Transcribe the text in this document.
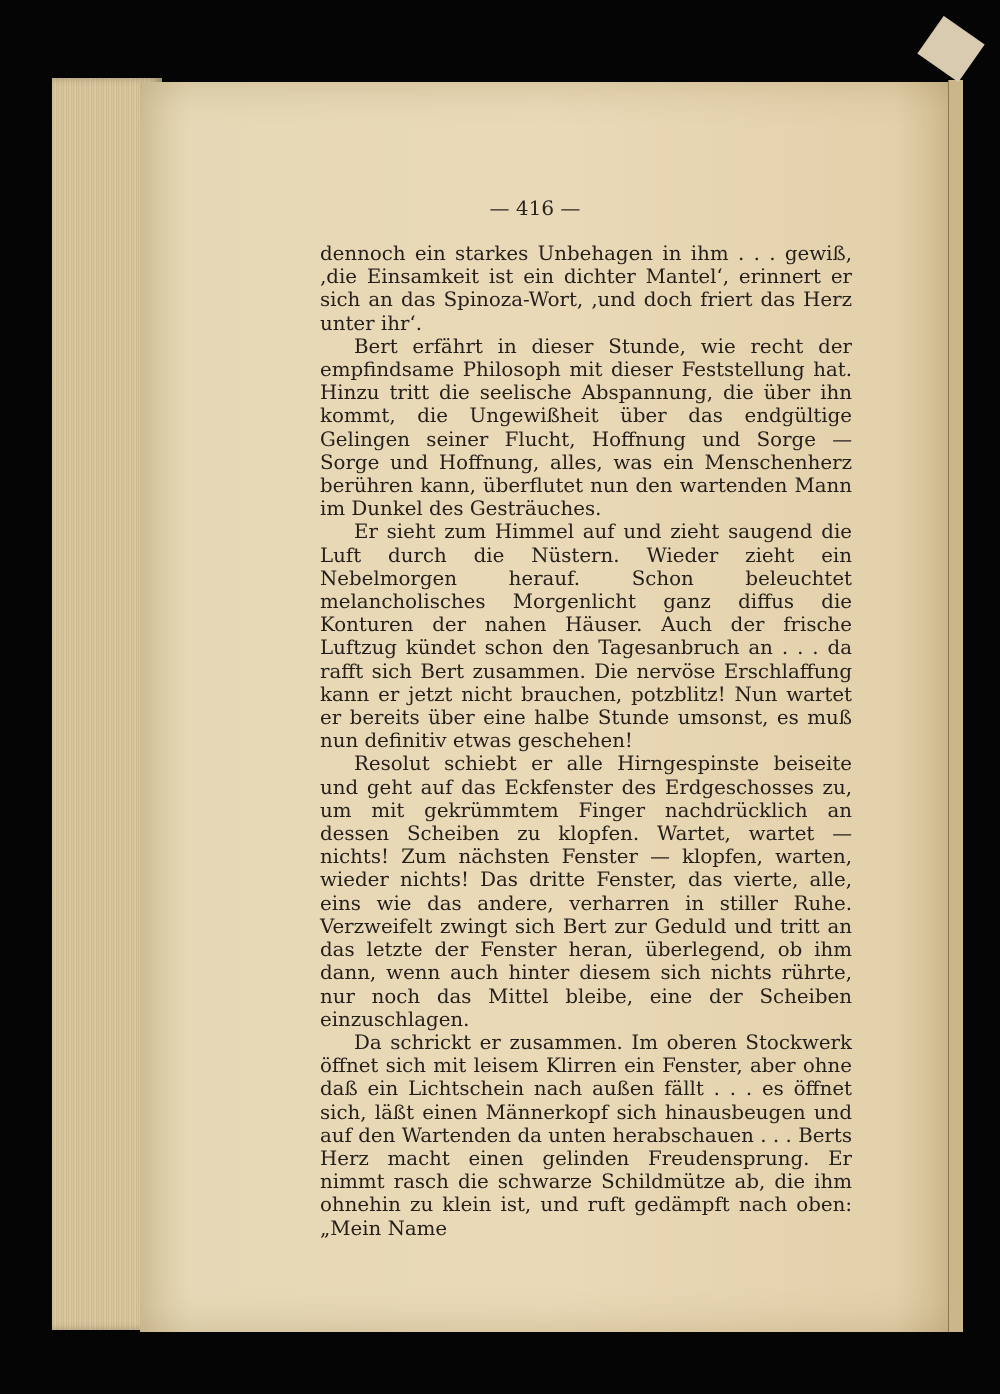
— 416 —

dennoch ein starkes Unbehagen in ihm . . . gewiß, ‚die Einsamkeit ist ein dichter Mantel‘, erinnert er sich an das Spinoza-Wort, ‚und doch friert das Herz unter ihr‘.

Bert erfährt in dieser Stunde, wie recht der empfindsame Philosoph mit dieser Feststellung hat. Hinzu tritt die seelische Abspannung, die über ihn kommt, die Ungewißheit über das endgültige Gelingen seiner Flucht, Hoffnung und Sorge — Sorge und Hoffnung, alles, was ein Menschenherz berühren kann, überflutet nun den wartenden Mann im Dunkel des Gesträuches.

Er sieht zum Himmel auf und zieht saugend die Luft durch die Nüstern. Wieder zieht ein Nebelmorgen herauf. Schon beleuchtet melancholisches Morgenlicht ganz diffus die Konturen der nahen Häuser. Auch der frische Luftzug kündet schon den Tagesanbruch an . . . da rafft sich Bert zusammen. Die nervöse Erschlaffung kann er jetzt nicht brauchen, potzblitz! Nun wartet er bereits über eine halbe Stunde umsonst, es muß nun definitiv etwas geschehen!

Resolut schiebt er alle Hirngespinste beiseite und geht auf das Eckfenster des Erdgeschosses zu, um mit gekrümmtem Finger nachdrücklich an dessen Scheiben zu klopfen. Wartet, wartet — nichts! Zum nächsten Fenster — klopfen, warten, wieder nichts! Das dritte Fenster, das vierte, alle, eins wie das andere, verharren in stiller Ruhe. Verzweifelt zwingt sich Bert zur Geduld und tritt an das letzte der Fenster heran, überlegend, ob ihm dann, wenn auch hinter diesem sich nichts rührte, nur noch das Mittel bleibe, eine der Scheiben einzuschlagen.

Da schrickt er zusammen. Im oberen Stockwerk öffnet sich mit leisem Klirren ein Fenster, aber ohne daß ein Lichtschein nach außen fällt . . . es öffnet sich, läßt einen Männerkopf sich hinausbeugen und auf den Wartenden da unten herabschauen . . . Berts Herz macht einen gelinden Freudensprung. Er nimmt rasch die schwarze Schildmütze ab, die ihm ohnehin zu klein ist, und ruft gedämpft nach oben: „Mein Name
